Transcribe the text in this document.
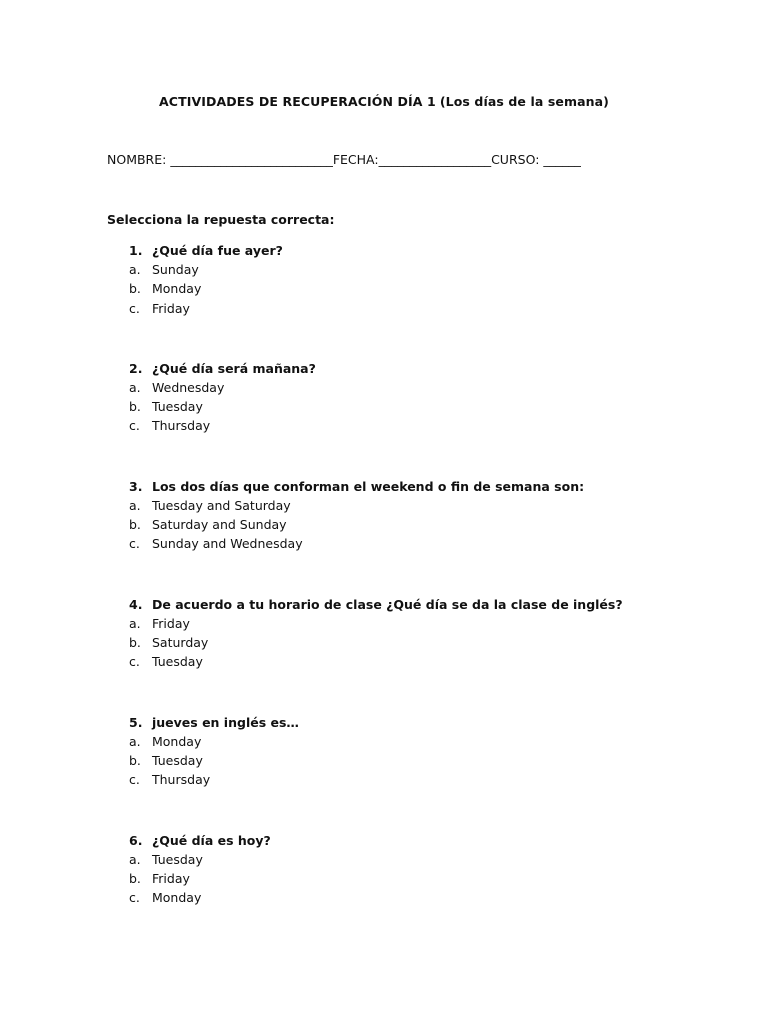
ACTIVIDADES DE RECUPERACIÓN DÍA 1 (Los días de la semana)
NOMBRE: __________________________FECHA:__________________CURSO: ______
Selecciona la repuesta correcta:
1. ¿Qué día fue ayer?
a. Sunday
b. Monday
c. Friday
2. ¿Qué día será mañana?
a. Wednesday
b. Tuesday
c. Thursday
3. Los dos días que conforman el weekend o fin de semana son:
a. Tuesday and Saturday
b. Saturday and Sunday
c. Sunday and Wednesday
4. De acuerdo a tu horario de clase ¿Qué día se da la clase de inglés?
a. Friday
b. Saturday
c. Tuesday
5. jueves en inglés es…
a. Monday
b. Tuesday
c. Thursday
6. ¿Qué día es hoy?
a. Tuesday
b. Friday
c. Monday
